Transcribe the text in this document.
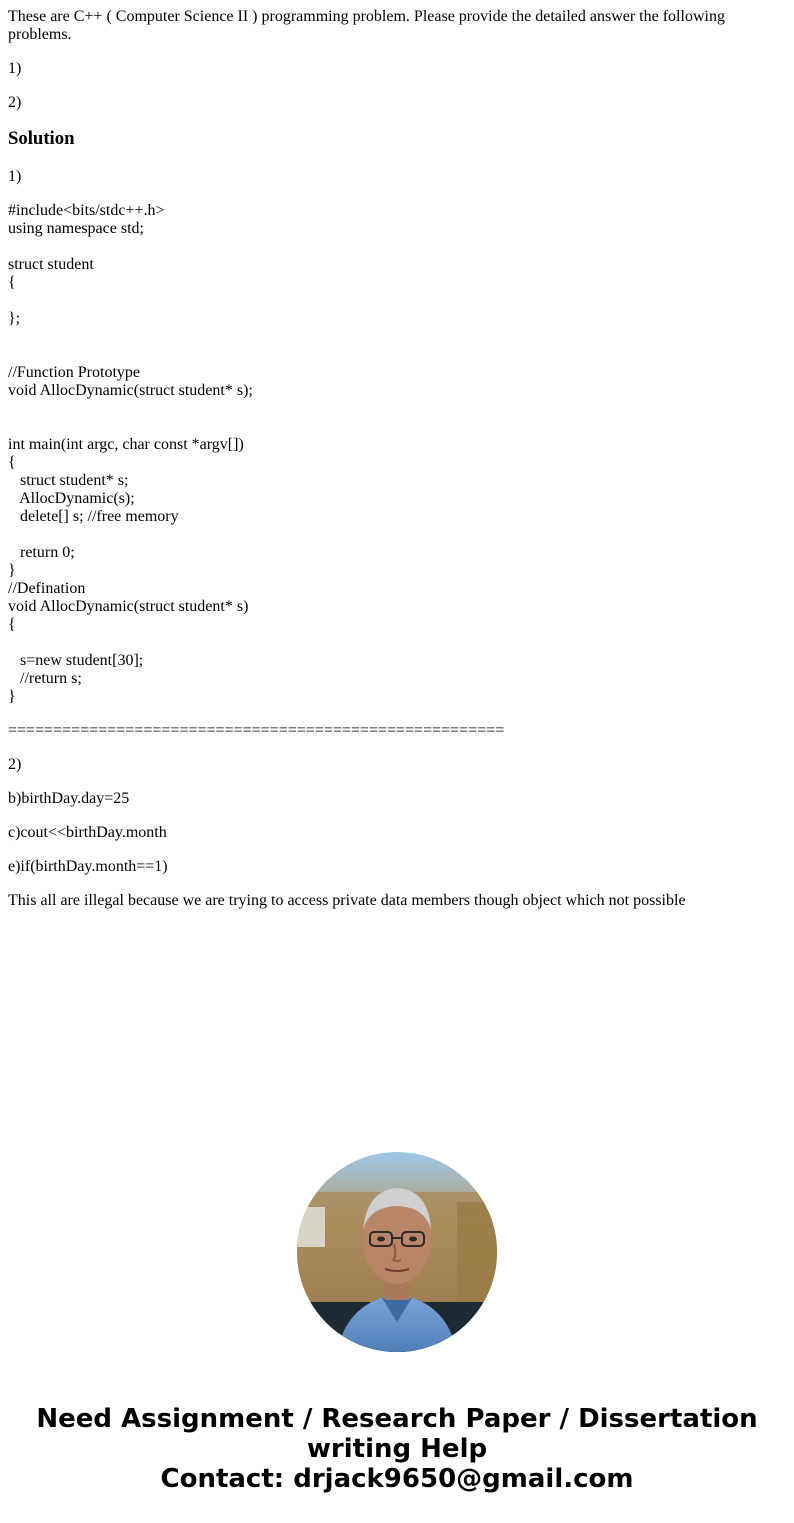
These are C++ ( Computer Science II ) programming problem. Please provide the detailed answer the following problems.

1)

2)

Solution

1)

#include<bits/stdc++.h>
using namespace std;
struct student
{
};
//Function Prototype
void AllocDynamic(struct student* s);
int main(int argc, char const *argv[])
{
struct student* s;
AllocDynamic(s);
delete[] s; //free memory
return 0;
}
//Defination
void AllocDynamic(struct student* s)
{
s=new student[30];
//return s;
}

=======================================================

2)

b)birthDay.day=25

c)cout<<birthDay.month

e)if(birthDay.month==1)

This all are illegal because we are trying to access private data members though object which not possible

Need Assignment / Research Paper / Dissertation
writing Help
Contact: drjack9650@gmail.com
